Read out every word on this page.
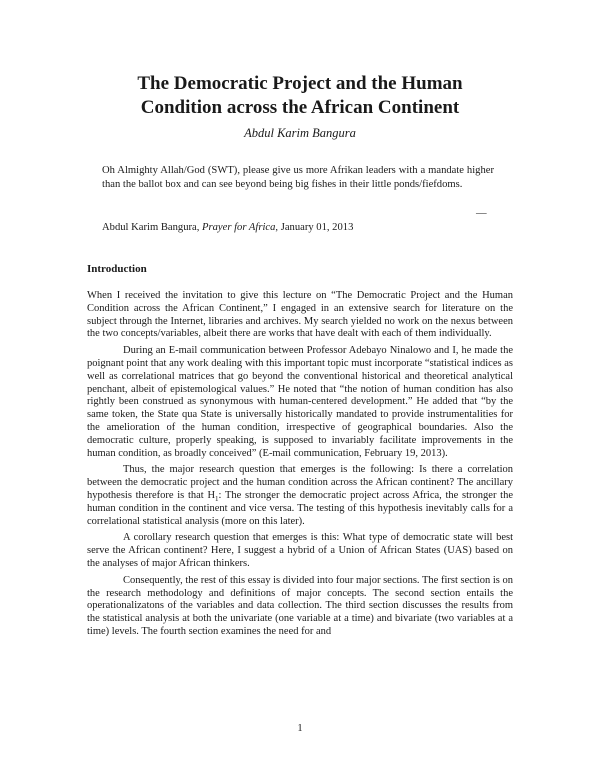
The Democratic Project and the Human
Condition across the African Continent

Abdul Karim Bangura

Oh Almighty Allah/God (SWT), please give us more Afrikan leaders with a mandate higher than the ballot box and can see beyond being big fishes in their little ponds/fiefdoms.

—

Abdul Karim Bangura, Prayer for Africa, January 01, 2013

Introduction

When I received the invitation to give this lecture on “The Democratic Project and the Human Condition across the African Continent,” I engaged in an extensive search for literature on the subject through the Internet, libraries and archives. My search yielded no work on the nexus between the two concepts/variables, albeit there are works that have dealt with each of them individually.

During an E-mail communication between Professor Adebayo Ninalowo and I, he made the poignant point that any work dealing with this important topic must incorporate “statistical indices as well as correlational matrices that go beyond the conventional historical and theoretical analytical penchant, albeit of epistemological values.” He noted that “the notion of human condition has also rightly been construed as synonymous with human-centered development.” He added that “by the same token, the State qua State is universally historically mandated to provide instrumentalities for the amelioration of the human condition, irrespective of geographical boundaries. Also the democratic culture, properly speaking, is supposed to invariably facilitate improvements in the human condition, as broadly conceived” (E-mail communication, February 19, 2013).

Thus, the major research question that emerges is the following: Is there a correlation between the democratic project and the human condition across the African continent? The ancillary hypothesis therefore is that $H_1$: The stronger the democratic project across Africa, the stronger the human condition in the continent and vice versa. The testing of this hypothesis inevitably calls for a correlational statistical analysis (more on this later).

A corollary research question that emerges is this: What type of democratic state will best serve the African continent? Here, I suggest a hybrid of a Union of African States (UAS) based on the analyses of major African thinkers.

Consequently, the rest of this essay is divided into four major sections. The first section is on the research methodology and definitions of major concepts. The second section entails the operationalizatons of the variables and data collection. The third section discusses the results from the statistical analysis at both the univariate (one variable at a time) and bivariate (two variables at a time) levels. The fourth section examines the need for and

1
